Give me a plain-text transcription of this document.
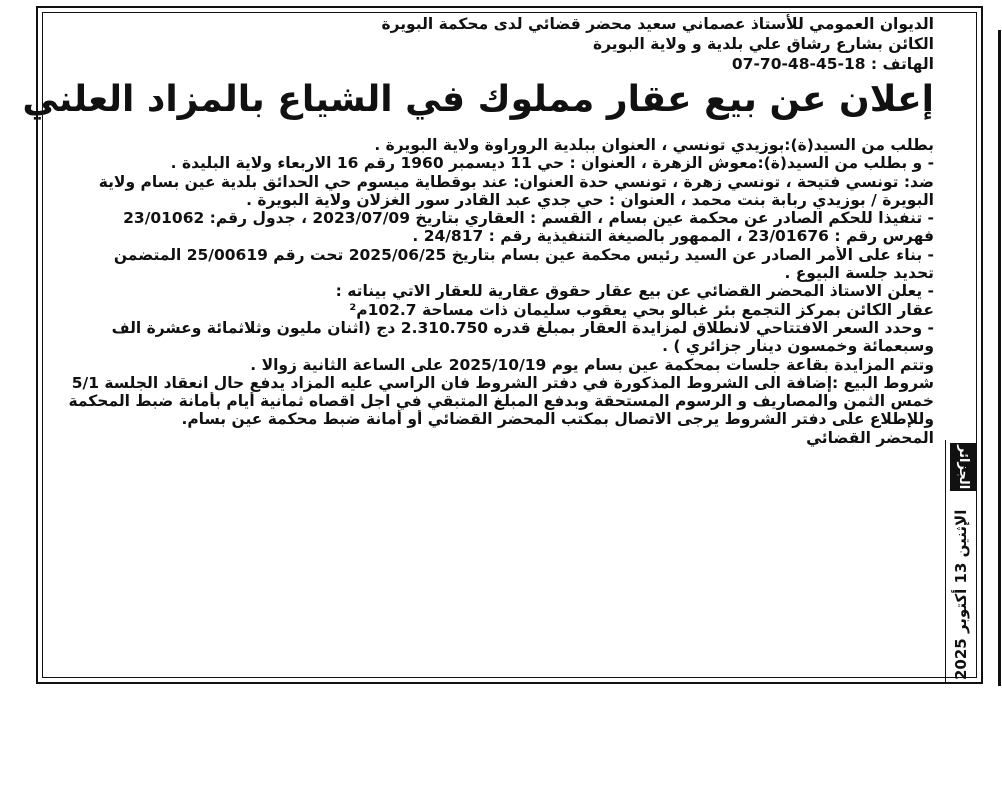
الديوان العمومي للأستاذ عصماني سعيد محضر قضائي لدى محكمة البويرة
الكائن بشارع رشاق علي بلدية و ولاية البويرة
الهاتف : 18-45-48-70-07
إعلان عن بيع عقار مملوك في الشياع بالمزاد العلني
بطلب من السيد(ة):بوزيدي تونسي ، العنوان ببلدية الروراوة ولاية البويرة .
- و بطلب من السيد(ة):معوش الزهرة ، العنوان : حي 11 ديسمبر 1960 رقم 16 الاربعاء ولاية البليدة .
ضد: تونسي فتيحة ، تونسي زهرة ، تونسي حدة العنوان: عند بوقطاية ميسوم حي الحدائق بلدية عين بسام ولاية
البويرة / بوزيدي ربابة بنت محمد ، العنوان : حي جدي عبد القادر سور الغزلان ولاية البويرة .
- تنفيذا للحكم الصادر عن محكمة عين بسام ، القسم : العقاري بتاريخ 2023/07/09 ، جدول رقم: 23/01062
فهرس رقم : 23/01676 ، الممهور بالصيغة التنفيذية رقم : 24/817 .
- بناء على الأمر الصادر عن السيد رئيس محكمة عين بسام بتاريخ 2025/06/25 تحت رقم 25/00619 المتضمن
تحديد جلسة البيوع .
- يعلن الاستاذ المحضر القضائي عن بيع عقار حقوق عقارية للعقار الاتي بيناته :
عقار الكائن بمركز التجمع بئر غبالو بحي يعقوب سليمان ذات مساحة 102.7م²
- وحدد السعر الافتتاحي لانطلاق لمزايدة العقار بمبلغ قدره 2.310.750 دج (اثنان مليون وثلاثمائة وعشرة الف
وسبعمائة وخمسون دينار جزائري ) .
وتتم المزايدة بقاعة جلسات بمحكمة عين بسام يوم 2025/10/19 على الساعة الثانية زوالا .
شروط البيع :إضافة الى الشروط المذكورة في دفتر الشروط فان الراسي عليه المزاد يدفع حال انعقاد الجلسة 5/1
خمس الثمن والمصاريف و الرسوم المستحقة وبدفع المبلغ المتبقي في اجل اقصاه ثمانية أيام بأمانة ضبط المحكمة
وللإطلاع على دفتر الشروط يرجى الاتصال بمكتب المحضر القضائي أو أمانة ضبط محكمة عين بسام.
المحضر القضائي
الجزائر
الإثنين 13 أكتوبر 2025
